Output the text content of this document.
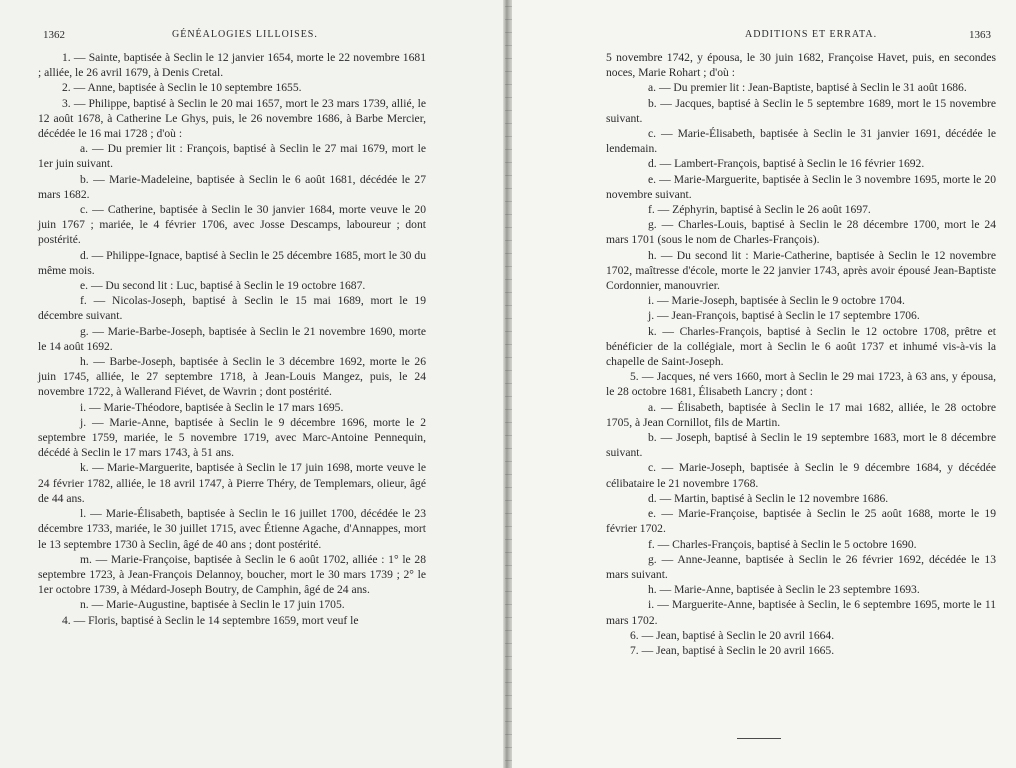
1362	GÉNÉALOGIES LILLOISES.

1. — Sainte, baptisée à Seclin le 12 janvier 1654, morte le 22 novembre 1681 ; alliée, le 26 avril 1679, à Denis Cretal.

2. — Anne, baptisée à Seclin le 10 septembre 1655.

3. — Philippe, baptisé à Seclin le 20 mai 1657, mort le 23 mars 1739, allié, le 12 août 1678, à Catherine Le Ghys, puis, le 26 novembre 1686, à Barbe Mercier, décédée le 16 mai 1728 ; d'où :

a. — Du premier lit : François, baptisé à Seclin le 27 mai 1679, mort le 1er juin suivant.

b. — Marie-Madeleine, baptisée à Seclin le 6 août 1681, décédée le 27 mars 1682.

c. — Catherine, baptisée à Seclin le 30 janvier 1684, morte veuve le 20 juin 1767 ; mariée, le 4 février 1706, avec Josse Descamps, laboureur ; dont postérité.

d. — Philippe-Ignace, baptisé à Seclin le 25 décembre 1685, mort le 30 du même mois.

e. — Du second lit : Luc, baptisé à Seclin le 19 octobre 1687.

f. — Nicolas-Joseph, baptisé à Seclin le 15 mai 1689, mort le 19 décembre suivant.

g. — Marie-Barbe-Joseph, baptisée à Seclin le 21 novembre 1690, morte le 14 août 1692.

h. — Barbe-Joseph, baptisée à Seclin le 3 décembre 1692, morte le 26 juin 1745, alliée, le 27 septembre 1718, à Jean-Louis Mangez, puis, le 24 novembre 1722, à Wallerand Fiévet, de Wavrin ; dont postérité.

i. — Marie-Théodore, baptisée à Seclin le 17 mars 1695.

j. — Marie-Anne, baptisée à Seclin le 9 décembre 1696, morte le 2 septembre 1759, mariée, le 5 novembre 1719, avec Marc-Antoine Pennequin, décédé à Seclin le 17 mars 1743, à 51 ans.

k. — Marie-Marguerite, baptisée à Seclin le 17 juin 1698, morte veuve le 24 février 1782, alliée, le 18 avril 1747, à Pierre Théry, de Templemars, olieur, âgé de 44 ans.

l. — Marie-Élisabeth, baptisée à Seclin le 16 juillet 1700, décédée le 23 décembre 1733, mariée, le 30 juillet 1715, avec Étienne Agache, d'Annappes, mort le 13 septembre 1730 à Seclin, âgé de 40 ans ; dont postérité.

m. — Marie-Françoise, baptisée à Seclin le 6 août 1702, alliée : 1° le 28 septembre 1723, à Jean-François Delannoy, boucher, mort le 30 mars 1739 ; 2° le 1er octobre 1739, à Médard-Joseph Boutry, de Camphin, âgé de 24 ans.

n. — Marie-Augustine, baptisée à Seclin le 17 juin 1705.

4. — Floris, baptisé à Seclin le 14 septembre 1659, mort veuf le

ADDITIONS ET ERRATA.	1363

5 novembre 1742, y épousa, le 30 juin 1682, Françoise Havet, puis, en secondes noces, Marie Rohart ; d'où :

a. — Du premier lit : Jean-Baptiste, baptisé à Seclin le 31 août 1686.

b. — Jacques, baptisé à Seclin le 5 septembre 1689, mort le 15 novembre suivant.

c. — Marie-Élisabeth, baptisée à Seclin le 31 janvier 1691, décédée le lendemain.

d. — Lambert-François, baptisé à Seclin le 16 février 1692.

e. — Marie-Marguerite, baptisée à Seclin le 3 novembre 1695, morte le 20 novembre suivant.

f. — Zéphyrin, baptisé à Seclin le 26 août 1697.

g. — Charles-Louis, baptisé à Seclin le 28 décembre 1700, mort le 24 mars 1701 (sous le nom de Charles-François).

h. — Du second lit : Marie-Catherine, baptisée à Seclin le 12 novembre 1702, maîtresse d'école, morte le 22 janvier 1743, après avoir épousé Jean-Baptiste Cordonnier, manouvrier.

i. — Marie-Joseph, baptisée à Seclin le 9 octobre 1704.

j. — Jean-François, baptisé à Seclin le 17 septembre 1706.

k. — Charles-François, baptisé à Seclin le 12 octobre 1708, prêtre et bénéficier de la collégiale, mort à Seclin le 6 août 1737 et inhumé vis-à-vis la chapelle de Saint-Joseph.

5. — Jacques, né vers 1660, mort à Seclin le 29 mai 1723, à 63 ans, y épousa, le 28 octobre 1681, Élisabeth Lancry ; dont :

a. — Élisabeth, baptisée à Seclin le 17 mai 1682, alliée, le 28 octobre 1705, à Jean Cornillot, fils de Martin.

b. — Joseph, baptisé à Seclin le 19 septembre 1683, mort le 8 décembre suivant.

c. — Marie-Joseph, baptisée à Seclin le 9 décembre 1684, y décédée célibataire le 21 novembre 1768.

d. — Martin, baptisé à Seclin le 12 novembre 1686.

e. — Marie-Françoise, baptisée à Seclin le 25 août 1688, morte le 19 février 1702.

f. — Charles-François, baptisé à Seclin le 5 octobre 1690.

g. — Anne-Jeanne, baptisée à Seclin le 26 février 1692, décédée le 13 mars suivant.

h. — Marie-Anne, baptisée à Seclin le 23 septembre 1693.

i. — Marguerite-Anne, baptisée à Seclin, le 6 septembre 1695, morte le 11 mars 1702.

6. — Jean, baptisé à Seclin le 20 avril 1664.

7. — Jean, baptisé à Seclin le 20 avril 1665.
